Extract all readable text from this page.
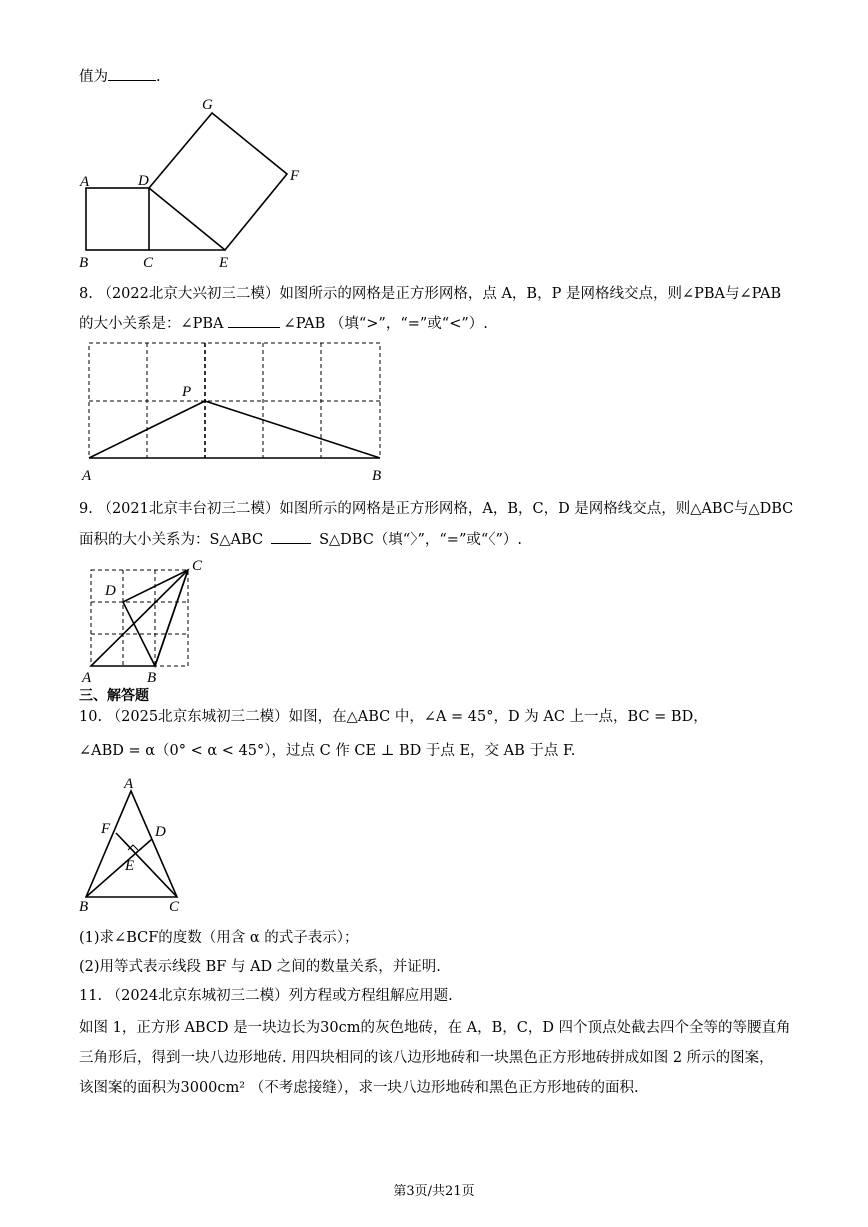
值为	.
A
B	C
D
E
F
G
8. （2022北京大兴初三二模）如图所示的网格是正方形网格，点 A，B，P 是网格线交点，则∠PBA与∠PAB
的大小关系是：∠PBA	∠PAB （填“>”，“=”或“<”）.
P
A	B
9. （2021北京丰台初三二模）如图所示的网格是正方形网格，A，B，C，D 是网格线交点，则△ABC与△DBC
面积的大小关系为：S△ABC	S△DBC（填“〉”，“=”或“〈”）.
C
D
A	B
三、解答题
10. （2025北京东城初三二模）如图，在△ABC 中，∠A = 45°，D 为 AC 上一点，BC = BD，
∠ABD = α（0° < α < 45°），过点 C 作 CE ⊥ BD 于点 E，交 AB 于点 F.
A
F	D
E
B	C
(1)求∠BCF的度数（用含 α 的式子表示）；
(2)用等式表示线段 BF 与 AD 之间的数量关系，并证明.
11. （2024北京东城初三二模）列方程或方程组解应用题.
如图 1，正方形 ABCD 是一块边长为30cm的灰色地砖，在 A，B，C，D 四个顶点处截去四个全等的等腰直角
三角形后，得到一块八边形地砖. 用四块相同的该八边形地砖和一块黑色正方形地砖拼成如图 2 所示的图案，
该图案的面积为3000cm² （不考虑接缝），求一块八边形地砖和黑色正方形地砖的面积.
第3页/共21页
